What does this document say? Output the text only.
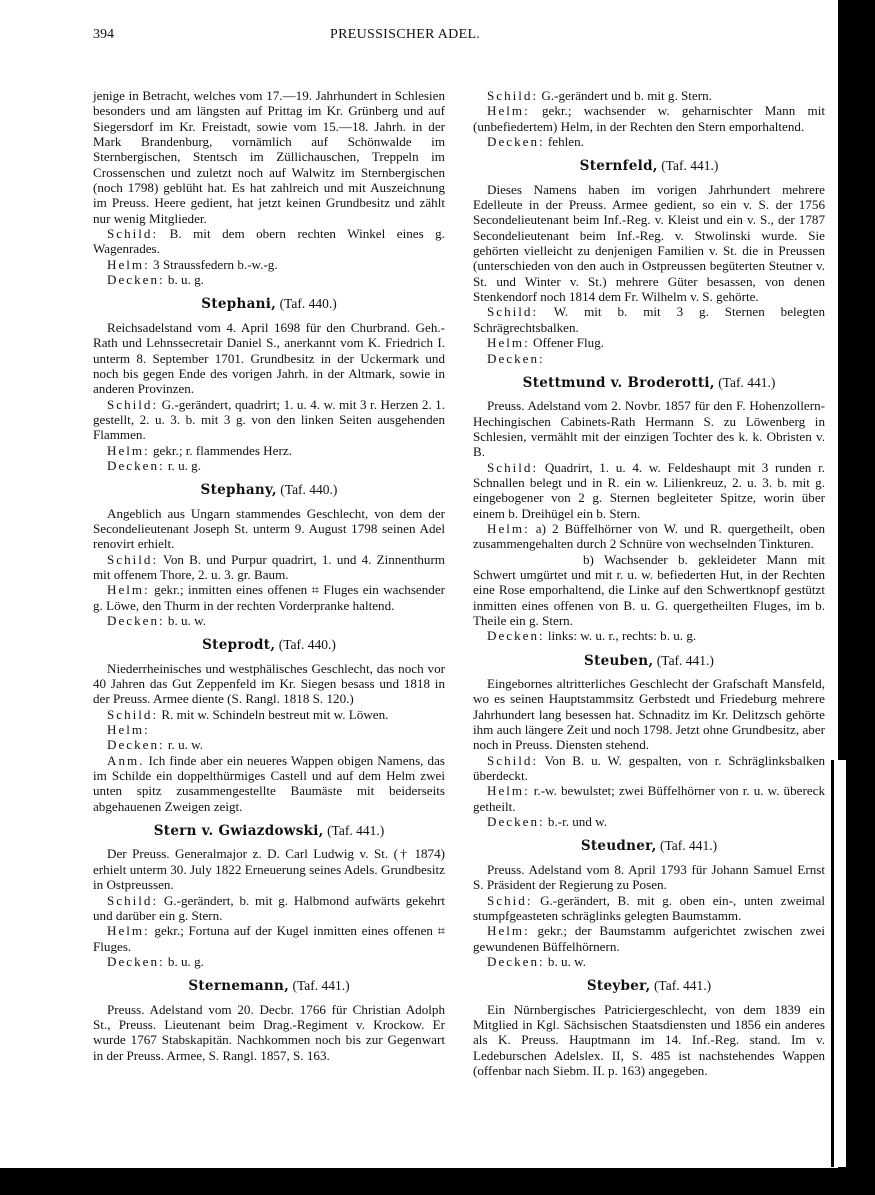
394	PREUSSISCHER ADEL.

jenige in Betracht, welches vom 17.—19. Jahrhundert in Schlesien besonders und am längsten auf Prittag im Kr. Grünberg und auf Siegersdorf im Kr. Freistadt, sowie vom 15.—18. Jahrh. in der Mark Brandenburg, vornämlich auf Schönwalde im Sternbergischen, Stentsch im Züllichauschen, Treppeln im Crossenschen und zuletzt noch auf Walwitz im Sternbergischen (noch 1798) geblüht hat. Es hat zahlreich und mit Auszeichnung im Preuss. Heere gedient, hat jetzt keinen Grundbesitz und zählt nur wenig Mitglieder.

Schild: B. mit dem obern rechten Winkel eines g. Wagenrades.

Helm: 3 Straussfedern b.-w.-g.

Decken: b. u. g.

Stephani, (Taf. 440.)

Reichsadelstand vom 4. April 1698 für den Churbrand. Geh.-Rath und Lehnssecretair Daniel S., anerkannt vom K. Friedrich I. unterm 8. September 1701. Grundbesitz in der Uckermark und noch bis gegen Ende des vorigen Jahrh. in der Altmark, sowie in anderen Provinzen.

Schild: G.-gerändert, quadrirt; 1. u. 4. w. mit 3 r. Herzen 2. 1. gestellt, 2. u. 3. b. mit 3 g. von den linken Seiten ausgehenden Flammen.

Helm: gekr.; r. flammendes Herz.

Decken: r. u. g.

Stephany, (Taf. 440.)

Angeblich aus Ungarn stammendes Geschlecht, von dem der Secondelieutenant Joseph St. unterm 9. August 1798 seinen Adel renovirt erhielt.

Schild: Von B. und Purpur quadrirt, 1. und 4. Zinnenthurm mit offenem Thore, 2. u. 3. gr. Baum.

Helm: gekr.; inmitten eines offenen ⌗ Fluges ein wachsender g. Löwe, den Thurm in der rechten Vorderpranke haltend.

Decken: b. u. w.

Steprodt, (Taf. 440.)

Niederrheinisches und westphälisches Geschlecht, das noch vor 40 Jahren das Gut Zeppenfeld im Kr. Siegen besass und 1818 in der Preuss. Armee diente (S. Rangl. 1818 S. 120.)

Schild: R. mit w. Schindeln bestreut mit w. Löwen.

Helm:

Decken: r. u. w.

Anm. Ich finde aber ein neueres Wappen obigen Namens, das im Schilde ein doppelthürmiges Castell und auf dem Helm zwei unten spitz zusammengestellte Baumäste mit beiderseits abgehauenen Zweigen zeigt.

Stern v. Gwiazdowski, (Taf. 441.)

Der Preuss. Generalmajor z. D. Carl Ludwig v. St. († 1874) erhielt unterm 30. July 1822 Erneuerung seines Adels. Grundbesitz in Ostpreussen.

Schild: G.-gerändert, b. mit g. Halbmond aufwärts gekehrt und darüber ein g. Stern.

Helm: gekr.; Fortuna auf der Kugel inmitten eines offenen ⌗ Fluges.

Decken: b. u. g.

Sternemann, (Taf. 441.)

Preuss. Adelstand vom 20. Decbr. 1766 für Christian Adolph St., Preuss. Lieutenant beim Drag.-Regiment v. Krockow. Er wurde 1767 Stabskapitän. Nachkommen noch bis zur Gegenwart in der Preuss. Armee, S. Rangl. 1857, S. 163.

Schild: G.-gerändert und b. mit g. Stern.

Helm: gekr.; wachsender w. geharnischter Mann mit (unbefiedertem) Helm, in der Rechten den Stern emporhaltend.

Decken: fehlen.

Sternfeld, (Taf. 441.)

Dieses Namens haben im vorigen Jahrhundert mehrere Edelleute in der Preuss. Armee gedient, so ein v. S. der 1756 Secondelieutenant beim Inf.-Reg. v. Kleist und ein v. S., der 1787 Secondelieutenant beim Inf.-Reg. v. Stwolinski wurde. Sie gehörten vielleicht zu denjenigen Familien v. St. die in Preussen (unterschieden von den auch in Ostpreussen begüterten Steutner v. St. und Winter v. St.) mehrere Güter besassen, von denen Stenkendorf noch 1814 dem Fr. Wilhelm v. S. gehörte.

Schild: W. mit b. mit 3 g. Sternen belegten Schrägrechtsbalken.

Helm: Offener Flug.

Decken:

Stettmund v. Broderotti, (Taf. 441.)

Preuss. Adelstand vom 2. Novbr. 1857 für den F. Hohenzollern-Hechingischen Cabinets-Rath Hermann S. zu Löwenberg in Schlesien, vermählt mit der einzigen Tochter des k. k. Obristen v. B.

Schild: Quadrirt, 1. u. 4. w. Feldeshaupt mit 3 runden r. Schnallen belegt und in R. ein w. Lilienkreuz, 2. u. 3. b. mit g. eingebogener von 2 g. Sternen begleiteter Spitze, worin über einem b. Dreihügel ein b. Stern.

Helm: a) 2 Büffelhörner von W. und R. quergetheilt, oben zusammengehalten durch 2 Schnüre von wechselnden Tinkturen.

b) Wachsender b. gekleideter Mann mit Schwert umgürtet und mit r. u. w. befiederten Hut, in der Rechten eine Rose emporhaltend, die Linke auf den Schwertknopf gestützt inmitten eines offenen von B. u. G. quergetheilten Fluges, im b. Theile ein g. Stern.

Decken: links: w. u. r., rechts: b. u. g.

Steuben, (Taf. 441.)

Eingebornes altritterliches Geschlecht der Grafschaft Mansfeld, wo es seinen Hauptstammsitz Gerbstedt und Friedeburg mehrere Jahrhundert lang besessen hat. Schnaditz im Kr. Delitzsch gehörte ihm auch längere Zeit und noch 1798. Jetzt ohne Grundbesitz, aber noch in Preuss. Diensten stehend.

Schild: Von B. u. W. gespalten, von r. Schräglinksbalken überdeckt.

Helm: r.-w. bewulstet; zwei Büffelhörner von r. u. w. übereck getheilt.

Decken: b.-r. und w.

Steudner, (Taf. 441.)

Preuss. Adelstand vom 8. April 1793 für Johann Samuel Ernst S. Präsident der Regierung zu Posen.

Schid: G.-gerändert, B. mit g. oben ein-, unten zweimal stumpfgeasteten schräglinks gelegten Baumstamm.

Helm: gekr.; der Baumstamm aufgerichtet zwischen zwei gewundenen Büffelhörnern.

Decken: b. u. w.

Steyber, (Taf. 441.)

Ein Nürnbergisches Patriciergeschlecht, von dem 1839 ein Mitglied in Kgl. Sächsischen Staatsdiensten und 1856 ein anderes als K. Preuss. Hauptmann im 14. Inf.-Reg. stand. Im v. Ledeburschen Adelslex. II, S. 485 ist nachstehendes Wappen (offenbar nach Siebm. II. p. 163) angegeben.
